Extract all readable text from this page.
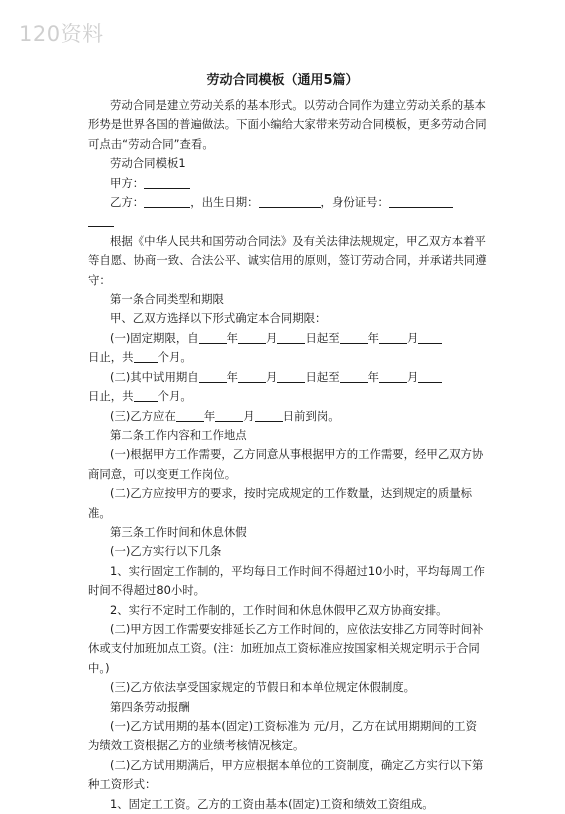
120资料
劳动合同模板（通用5篇）

劳动合同是建立劳动关系的基本形式。以劳动合同作为建立劳动关系的基本形势是世界各国的普遍做法。下面小编给大家带来劳动合同模板，更多劳动合同可点击“劳动合同”查看。

劳动合同模板1

甲方：

乙方：	，出生日期：	，身份证号：

根据《中华人民共和国劳动合同法》及有关法律法规规定，甲乙双方本着平等自愿、协商一致、合法公平、诚实信用的原则，签订劳动合同，并承诺共同遵守：

第一条合同类型和期限

甲、乙双方选择以下形式确定本合同期限：

(一)固定期限，自 年 月 日起至 年 月
日止，共 个月。

(二)其中试用期自 年 月 日起至 年 月
日止，共 个月。

(三)乙方应在 年 月 日前到岗。

第二条工作内容和工作地点

(一)根据甲方工作需要，乙方同意从事根据甲方的工作需要，经甲乙双方协商同意，可以变更工作岗位。

(二)乙方应按甲方的要求，按时完成规定的工作数量，达到规定的质量标准。

第三条工作时间和休息休假

(一)乙方实行以下几条

1、实行固定工作制的，平均每日工作时间不得超过10小时，平均每周工作时间不得超过80小时。

2、实行不定时工作制的，工作时间和休息休假甲乙双方协商安排。

(二)甲方因工作需要安排延长乙方工作时间的，应依法安排乙方同等时间补休或支付加班加点工资。(注：加班加点工资标准应按国家相关规定明示于合同中。)

(三)乙方依法享受国家规定的节假日和本单位规定休假制度。

第四条劳动报酬

(一)乙方试用期的基本(固定)工资标准为 元/月，乙方在试用期期间的工资为绩效工资根据乙方的业绩考核情况核定。

(二)乙方试用期满后，甲方应根据本单位的工资制度，确定乙方实行以下第种工资形式：

1、固定工工资。乙方的工资由基本(固定)工资和绩效工资组成。
